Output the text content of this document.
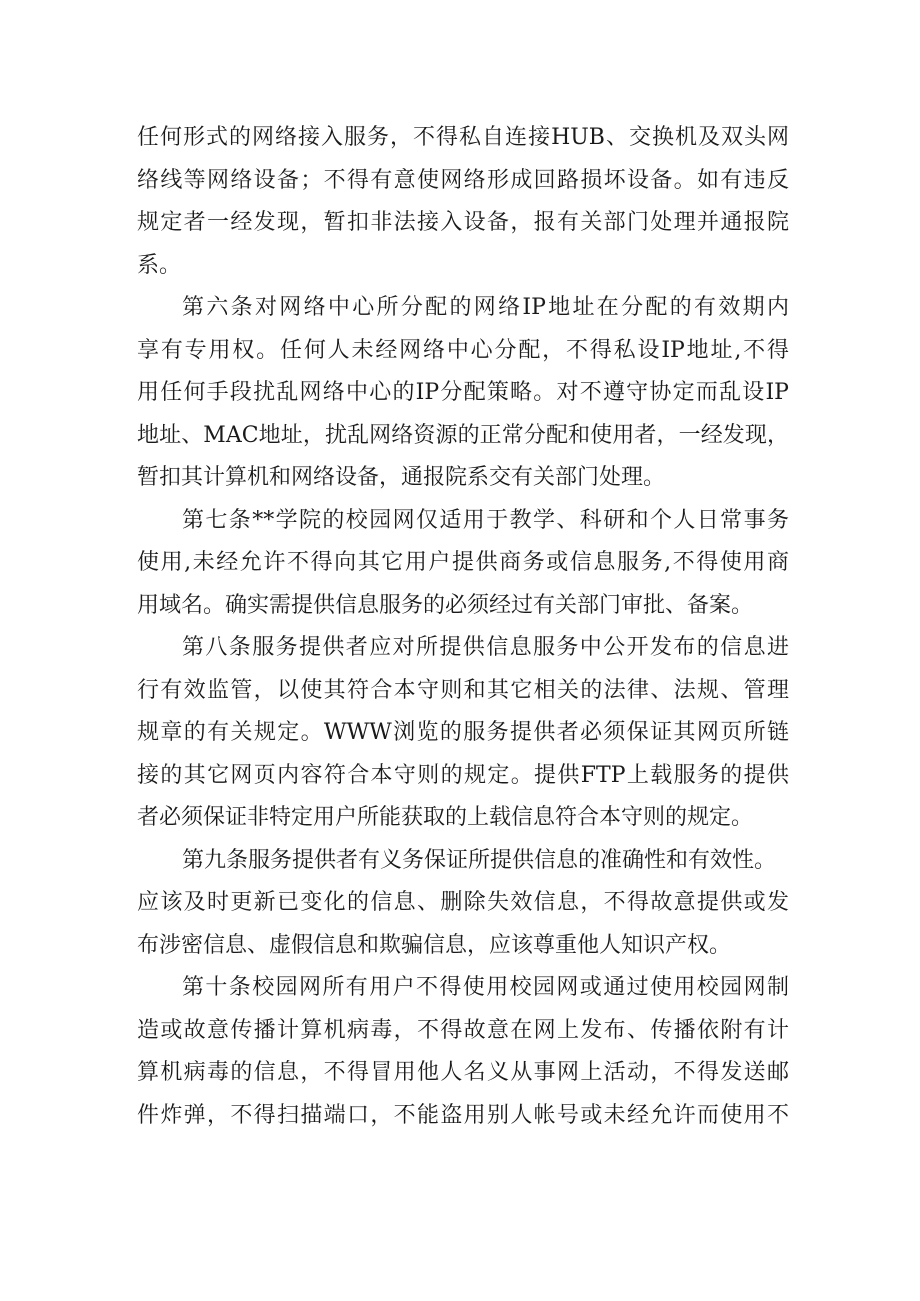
任何形式的网络接入服务，不得私自连接HUB、交换机及双头网
络线等网络设备；不得有意使网络形成回路损坏设备。如有违反
规定者一经发现，暂扣非法接入设备，报有关部门处理并通报院
系。
第六条对网络中心所分配的网络IP地址在分配的有效期内
享有专用权。任何人未经网络中心分配，不得私设IP地址,不得
用任何手段扰乱网络中心的IP分配策略。对不遵守协定而乱设IP
地址、MAC地址，扰乱网络资源的正常分配和使用者，一经发现，
暂扣其计算机和网络设备，通报院系交有关部门处理。
第七条**学院的校园网仅适用于教学、科研和个人日常事务
使用,未经允许不得向其它用户提供商务或信息服务,不得使用商
用域名。确实需提供信息服务的必须经过有关部门审批、备案。
第八条服务提供者应对所提供信息服务中公开发布的信息进
行有效监管，以使其符合本守则和其它相关的法律、法规、管理
规章的有关规定。WWW浏览的服务提供者必须保证其网页所链
接的其它网页内容符合本守则的规定。提供FTP上载服务的提供
者必须保证非特定用户所能获取的上载信息符合本守则的规定。
第九条服务提供者有义务保证所提供信息的准确性和有效性。
应该及时更新已变化的信息、删除失效信息，不得故意提供或发
布涉密信息、虚假信息和欺骗信息，应该尊重他人知识产权。
第十条校园网所有用户不得使用校园网或通过使用校园网制
造或故意传播计算机病毒，不得故意在网上发布、传播依附有计
算机病毒的信息，不得冒用他人名义从事网上活动，不得发送邮
件炸弹，不得扫描端口，不能盗用别人帐号或未经允许而使用不
